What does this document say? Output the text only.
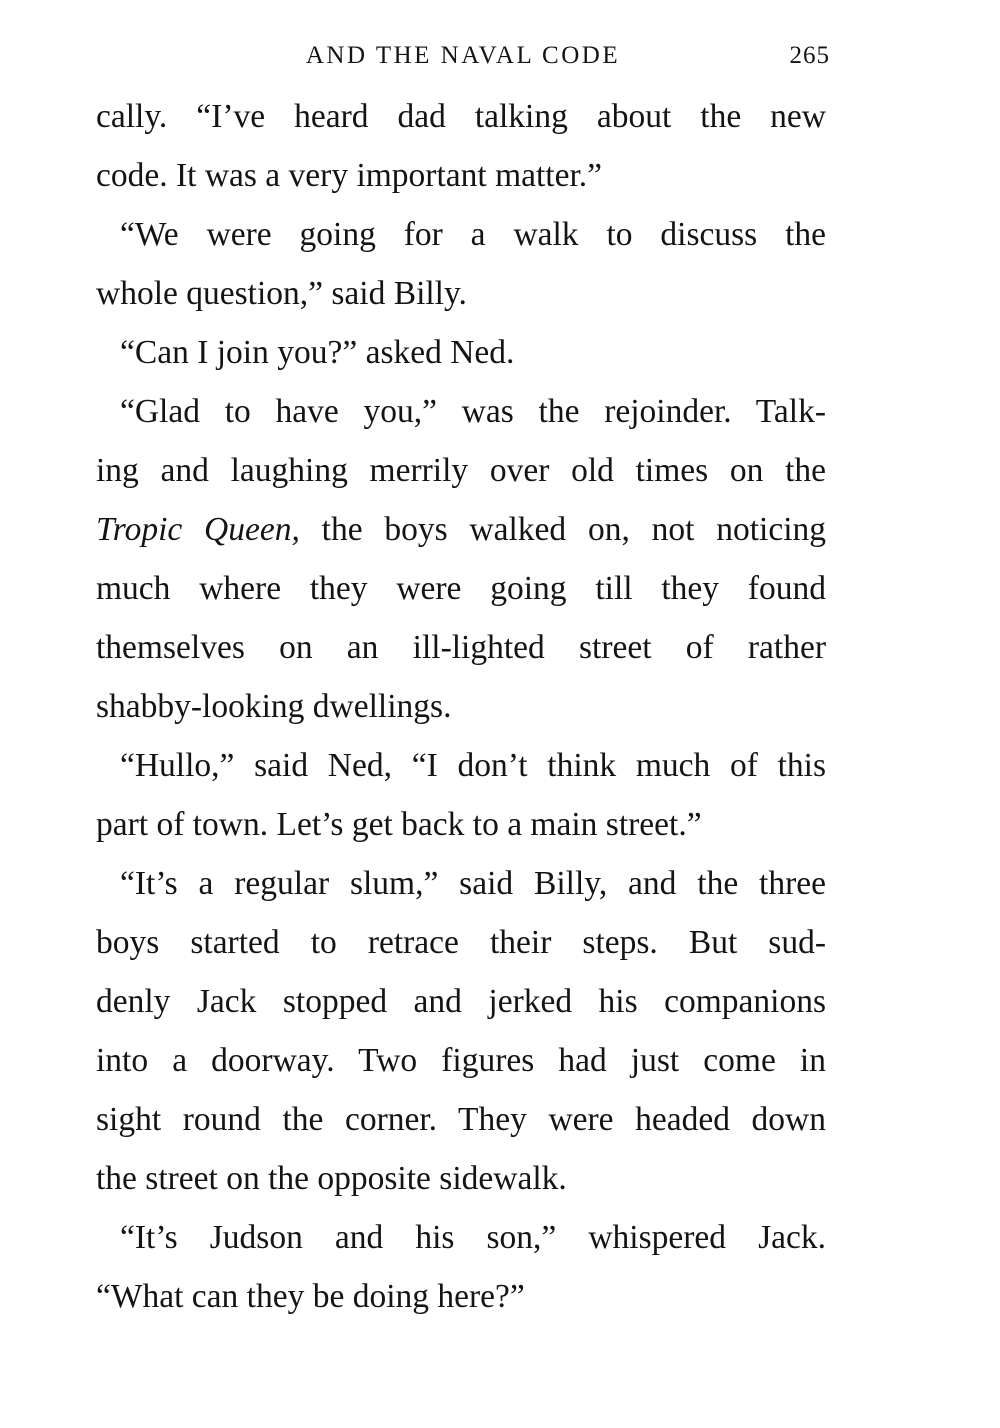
AND THE NAVAL CODE	265
cally. “I’ve heard dad talking about the new
code. It was a very important matter.”
“We were going for a walk to discuss the
whole question,” said Billy.
“Can I join you?” asked Ned.
“Glad to have you,” was the rejoinder. Talk-
ing and laughing merrily over old times on the
Tropic Queen, the boys walked on, not noticing
much where they were going till they found
themselves on an ill-lighted street of rather
shabby-looking dwellings.
“Hullo,” said Ned, “I don’t think much of this
part of town. Let’s get back to a main street.”
“It’s a regular slum,” said Billy, and the three
boys started to retrace their steps. But sud-
denly Jack stopped and jerked his companions
into a doorway. Two figures had just come in
sight round the corner. They were headed down
the street on the opposite sidewalk.
“It’s Judson and his son,” whispered Jack.
“What can they be doing here?”
